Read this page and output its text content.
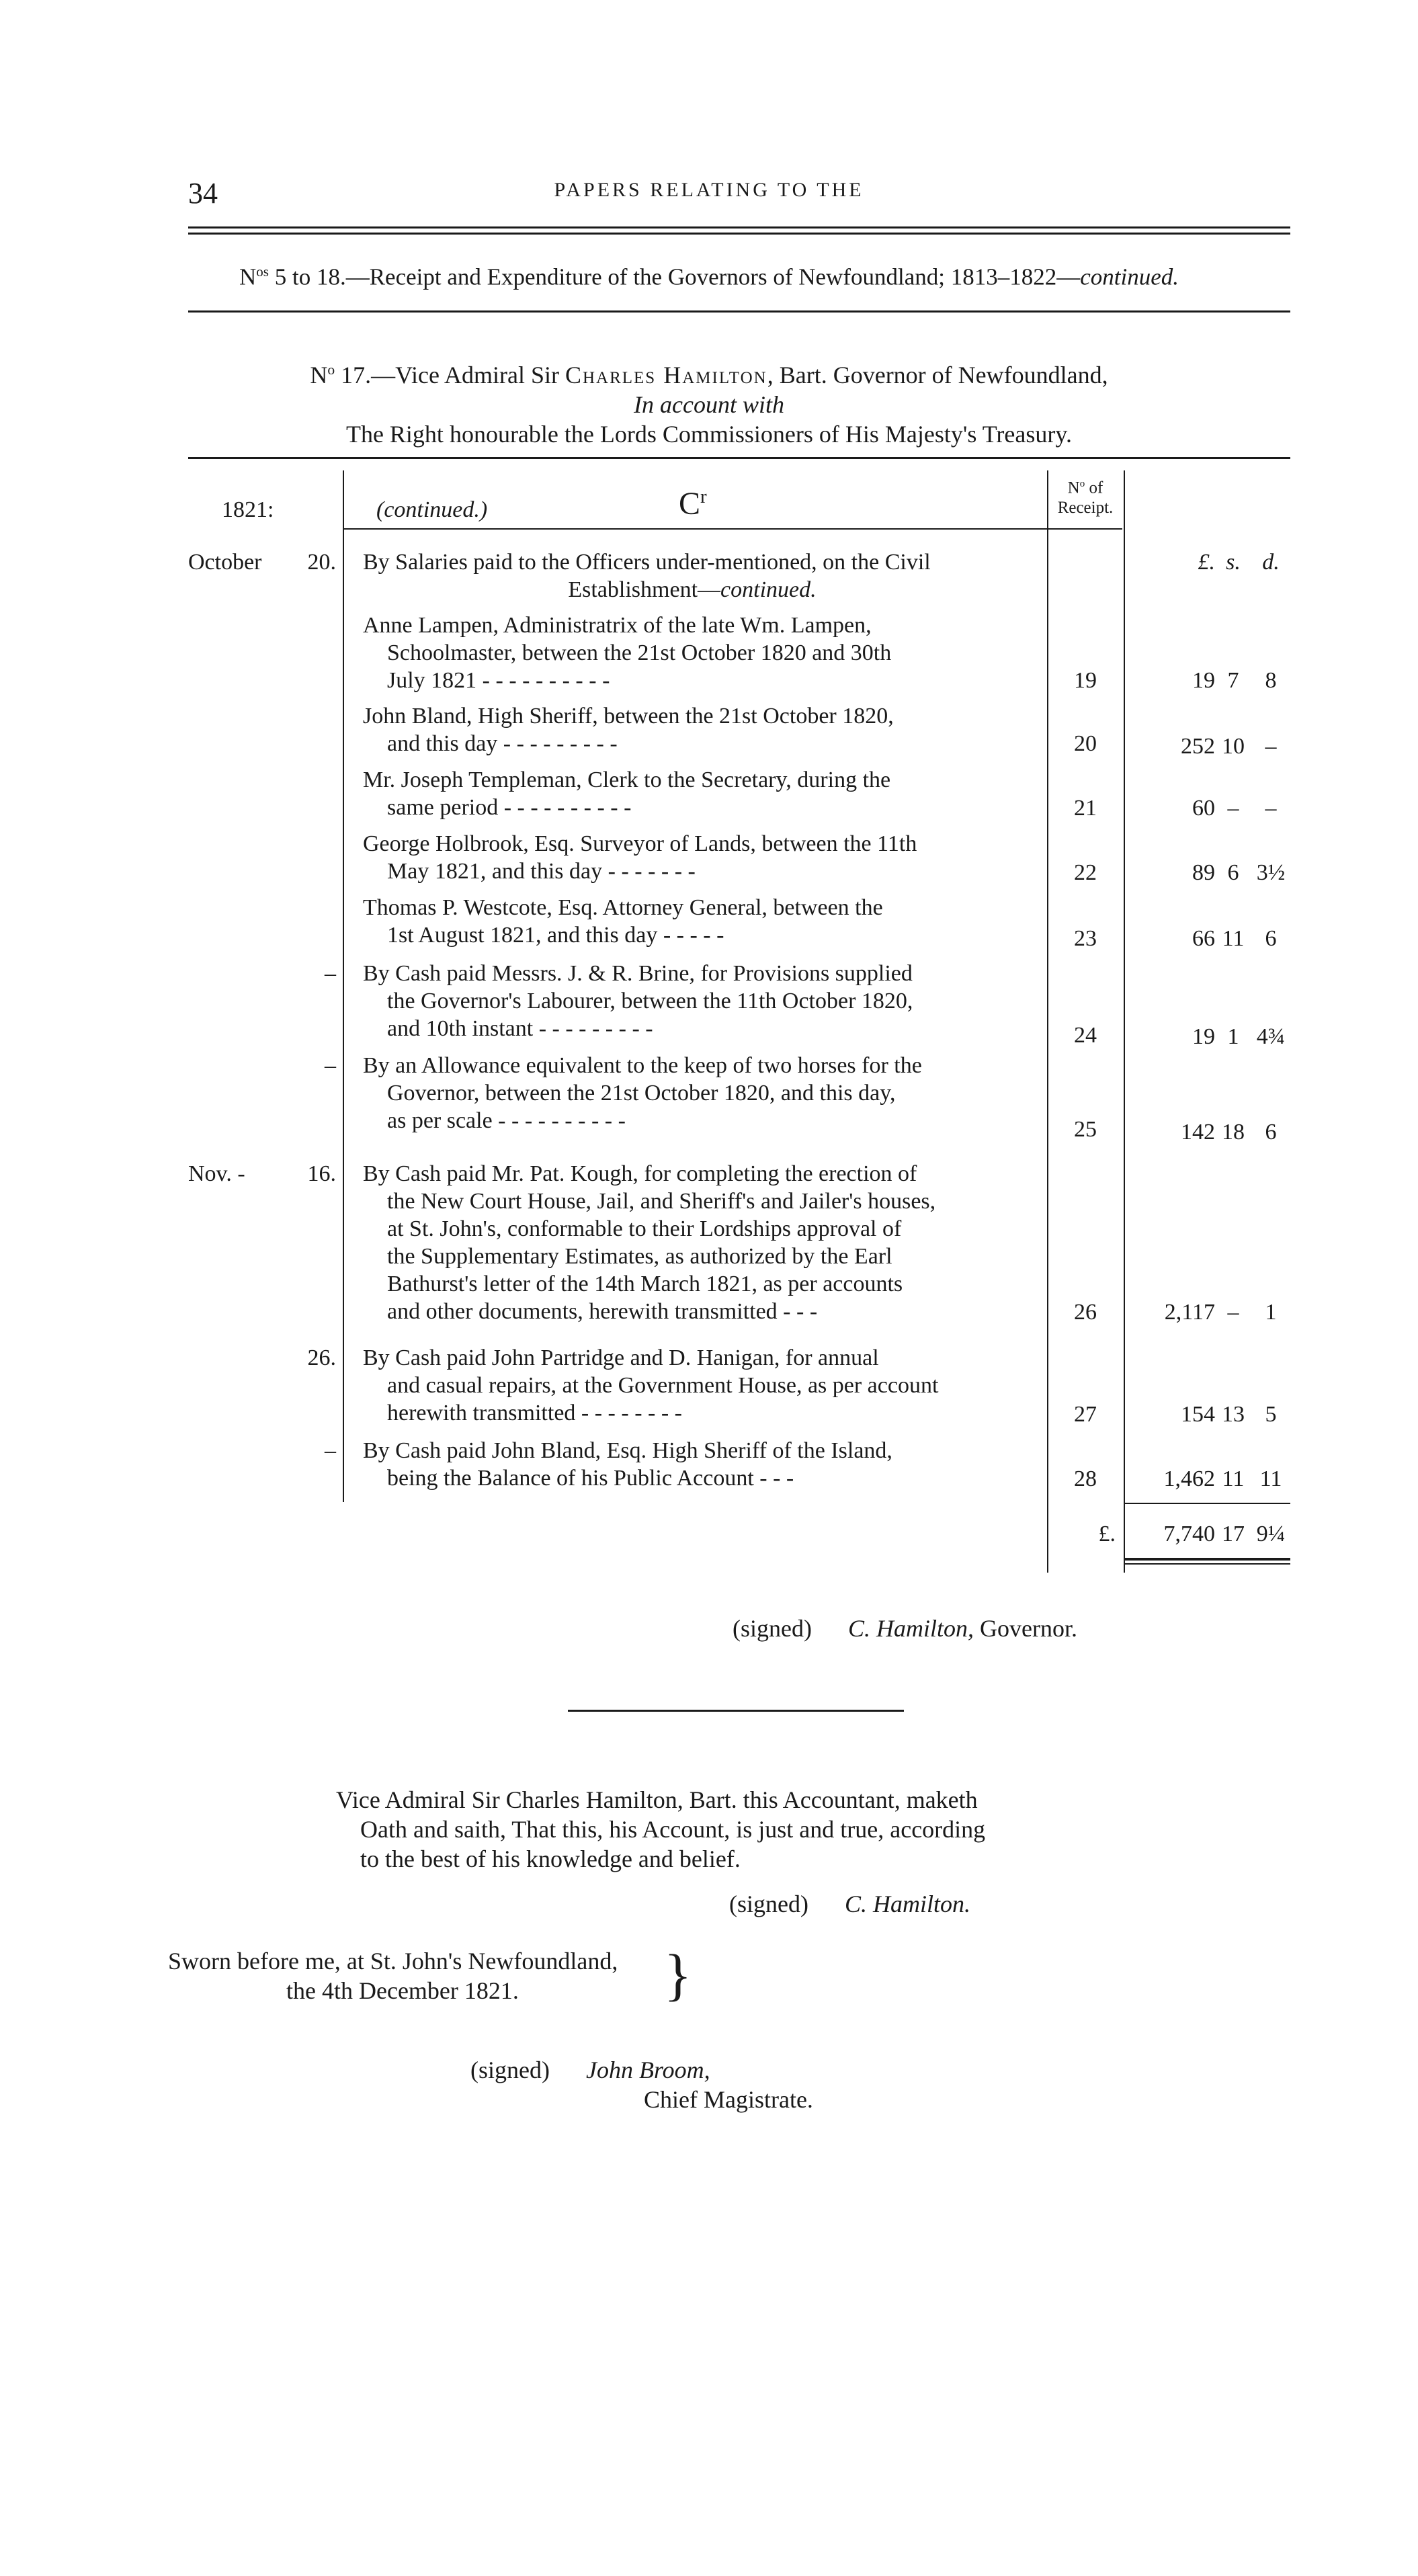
34	PAPERS RELATING TO THE
$N^{os}$ 5 to 18.—Receipt and Expenditure of the Governors of Newfoundland; 1813–1822—continued.
$N^o$ 17.—Vice Admiral Sir Charles Hamilton, Bart. Governor of Newfoundland,
In account with
The Right honourable the Lords Commissioners of His Majesty's Treasury.
1821:	(continued.)	$C^r$	$N^o$ of
Receipt.
£. s. d.
October 20. By Salaries paid to the Officers under-mentioned, on the Civil
Establishment—continued.
Anne Lampen, Administratrix of the late Wm. Lampen,
Schoolmaster, between the 21st October 1820 and 30th
July 1821 - - - - - - - - - -	19	19 7	8
John Bland, High Sheriff, between the 21st October 1820,
and this day - - - - - - - - -	20	252 10 –
Mr. Joseph Templeman, Clerk to the Secretary, during the
same period - - - - - - - - - -	21	60 –	–
George Holbrook, Esq. Surveyor of Lands, between the 11th
May 1821, and this day - - - - - - -	22	89 6 3½
Thomas P. Westcote, Esq. Attorney General, between the
1st August 1821, and this day - - - - -	23	66 11 6
– By Cash paid Messrs. J. & R. Brine, for Provisions supplied
the Governor's Labourer, between the 11th October 1820,
and 10th instant - - - - - - - - -	24	19 1 4¾
– By an Allowance equivalent to the keep of two horses for the
Governor, between the 21st October 1820, and this day,
as per scale - - - - - - - - - -	25	142 18 6
Nov. -	16. By Cash paid Mr. Pat. Kough, for completing the erection of
the New Court House, Jail, and Sheriff's and Jailer's houses,
at St. John's, conformable to their Lordships approval of
the Supplementary Estimates, as authorized by the Earl
Bathurst's letter of the 14th March 1821, as per accounts
and other documents, herewith transmitted - - -	26	2,117 –	1
26. By Cash paid John Partridge and D. Hanigan, for annual
and casual repairs, at the Government House, as per account
herewith transmitted - - - - - - - -	27	154 13 5
– By Cash paid John Bland, Esq. High Sheriff of the Island,
being the Balance of his Public Account - - -	28	1,462 11 11
£.	7,740 17 9¼
(signed) C. Hamilton, Governor.
Vice Admiral Sir Charles Hamilton, Bart. this Accountant, maketh
Oath and saith, That this, his Account, is just and true, according
to the best of his knowledge and belief.
(signed) C. Hamilton.
Sworn before me, at St. John's Newfoundland,
the 4th December 1821.	}
(signed) John Broom,
Chief Magistrate.
